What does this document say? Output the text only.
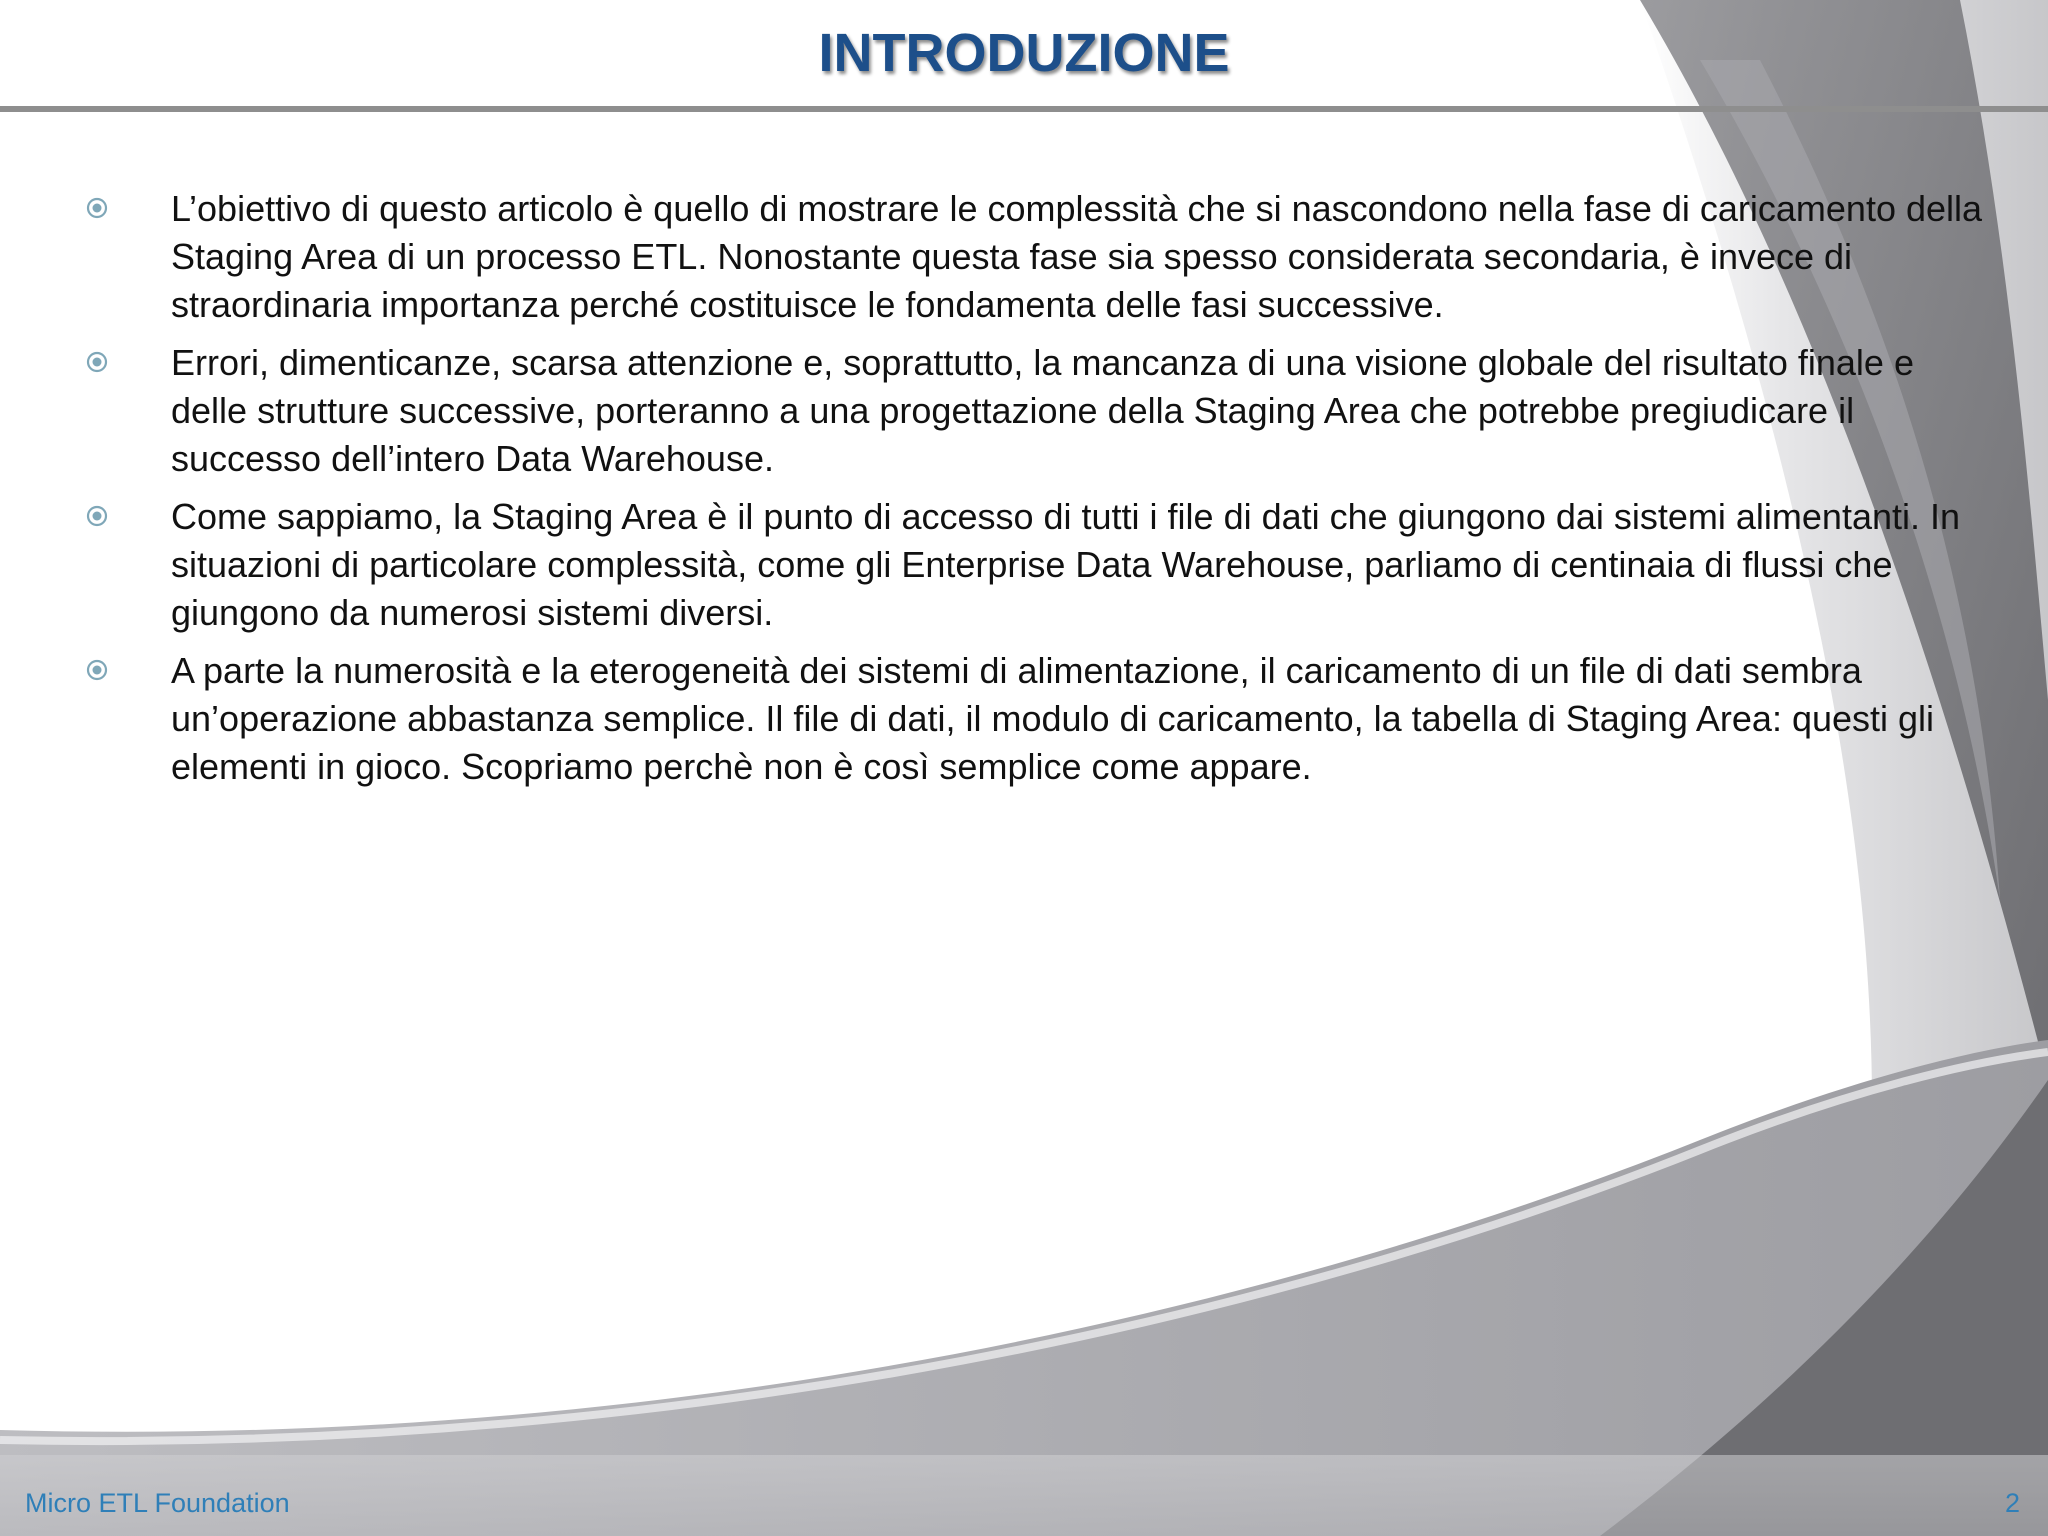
INTRODUZIONE
L’obiettivo di questo articolo è quello di mostrare le complessità che si nascondono nella fase di caricamento della Staging Area di un processo ETL. Nonostante questa fase sia spesso considerata secondaria, è invece di straordinaria importanza perché costituisce le fondamenta delle fasi successive.
Errori, dimenticanze, scarsa attenzione e, soprattutto, la mancanza di una visione globale del risultato finale e delle strutture successive, porteranno a una progettazione della Staging Area che potrebbe pregiudicare il successo dell’intero Data Warehouse.
Come sappiamo, la Staging Area è il punto di accesso di tutti i file di dati che giungono dai sistemi alimentanti. In situazioni di particolare complessità, come gli Enterprise Data Warehouse, parliamo di centinaia di flussi che giungono da numerosi sistemi diversi.
A parte la numerosità e la eterogeneità dei sistemi di alimentazione, il caricamento di un file di dati sembra un’operazione abbastanza semplice. Il file di dati, il modulo di caricamento, la tabella di Staging Area: questi gli elementi in gioco. Scopriamo perchè non è così semplice come appare.
Micro ETL Foundation	2
